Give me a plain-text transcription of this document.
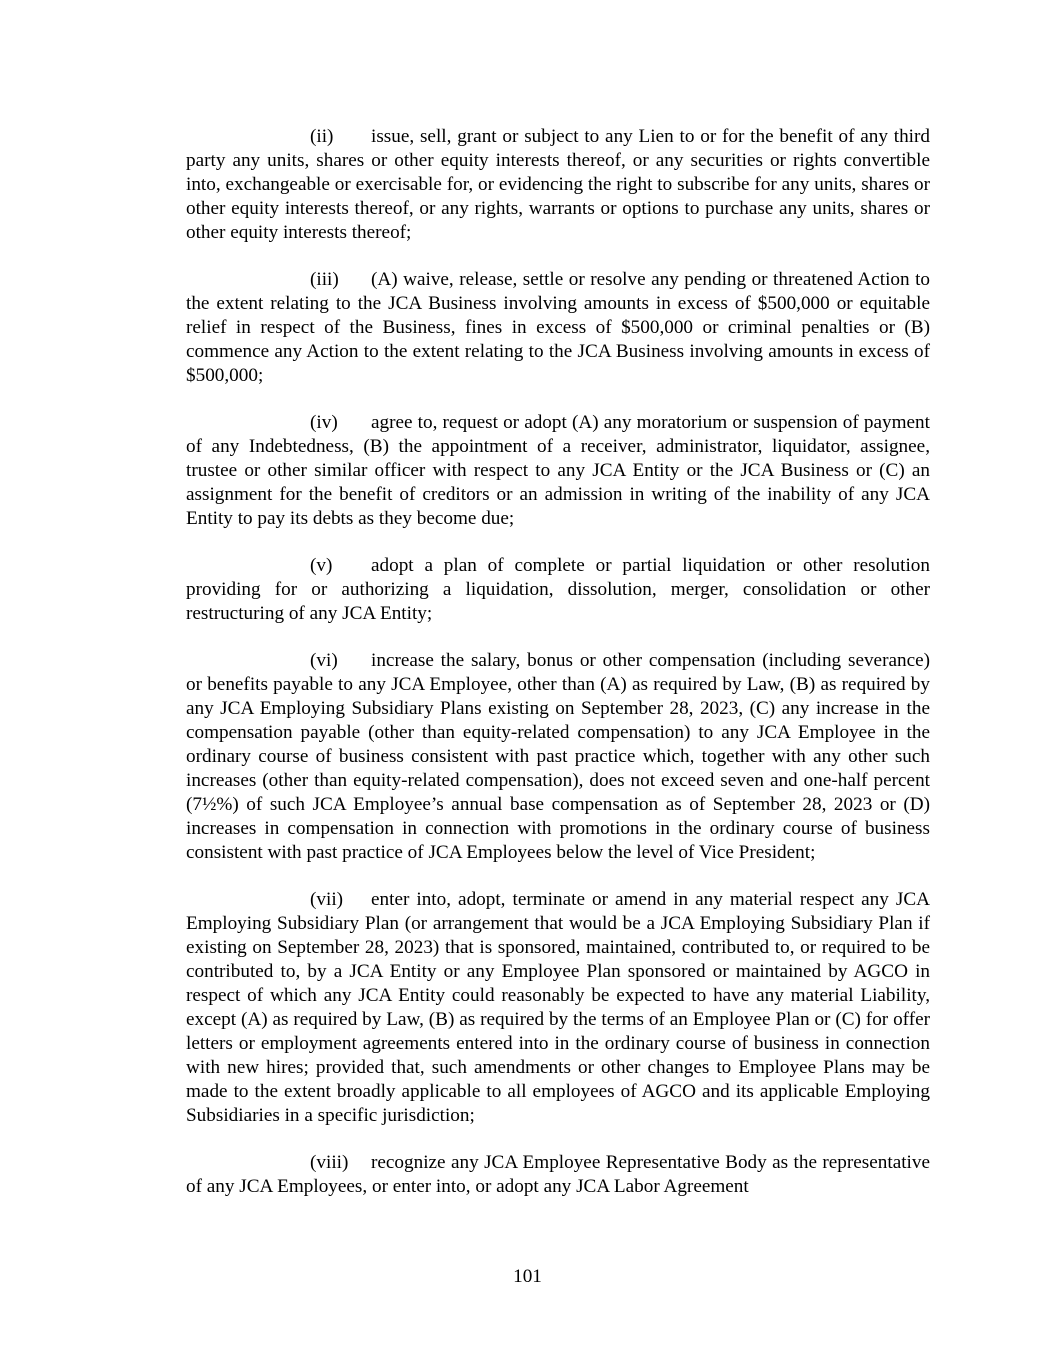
(ii) issue, sell, grant or subject to any Lien to or for the benefit of any third party any units, shares or other equity interests thereof, or any securities or rights convertible into, exchangeable or exercisable for, or evidencing the right to subscribe for any units, shares or other equity interests thereof, or any rights, warrants or options to purchase any units, shares or other equity interests thereof;

(iii) (A) waive, release, settle or resolve any pending or threatened Action to the extent relating to the JCA Business involving amounts in excess of $500,000 or equitable relief in respect of the Business, fines in excess of $500,000 or criminal penalties or (B) commence any Action to the extent relating to the JCA Business involving amounts in excess of $500,000;

(iv) agree to, request or adopt (A) any moratorium or suspension of payment of any Indebtedness, (B) the appointment of a receiver, administrator, liquidator, assignee, trustee or other similar officer with respect to any JCA Entity or the JCA Business or (C) an assignment for the benefit of creditors or an admission in writing of the inability of any JCA Entity to pay its debts as they become due;

(v) adopt a plan of complete or partial liquidation or other resolution providing for or authorizing a liquidation, dissolution, merger, consolidation or other restructuring of any JCA Entity;

(vi) increase the salary, bonus or other compensation (including severance) or benefits payable to any JCA Employee, other than (A) as required by Law, (B) as required by any JCA Employing Subsidiary Plans existing on September 28, 2023, (C) any increase in the compensation payable (other than equity-related compensation) to any JCA Employee in the ordinary course of business consistent with past practice which, together with any other such increases (other than equity-related compensation), does not exceed seven and one-half percent (7½%) of such JCA Employee’s annual base compensation as of September 28, 2023 or (D) increases in compensation in connection with promotions in the ordinary course of business consistent with past practice of JCA Employees below the level of Vice President;

(vii) enter into, adopt, terminate or amend in any material respect any JCA Employing Subsidiary Plan (or arrangement that would be a JCA Employing Subsidiary Plan if existing on September 28, 2023) that is sponsored, maintained, contributed to, or required to be contributed to, by a JCA Entity or any Employee Plan sponsored or maintained by AGCO in respect of which any JCA Entity could reasonably be expected to have any material Liability, except (A) as required by Law, (B) as required by the terms of an Employee Plan or (C) for offer letters or employment agreements entered into in the ordinary course of business in connection with new hires; provided that, such amendments or other changes to Employee Plans may be made to the extent broadly applicable to all employees of AGCO and its applicable Employing Subsidiaries in a specific jurisdiction;

(viii) recognize any JCA Employee Representative Body as the representative of any JCA Employees, or enter into, or adopt any JCA Labor Agreement

101
